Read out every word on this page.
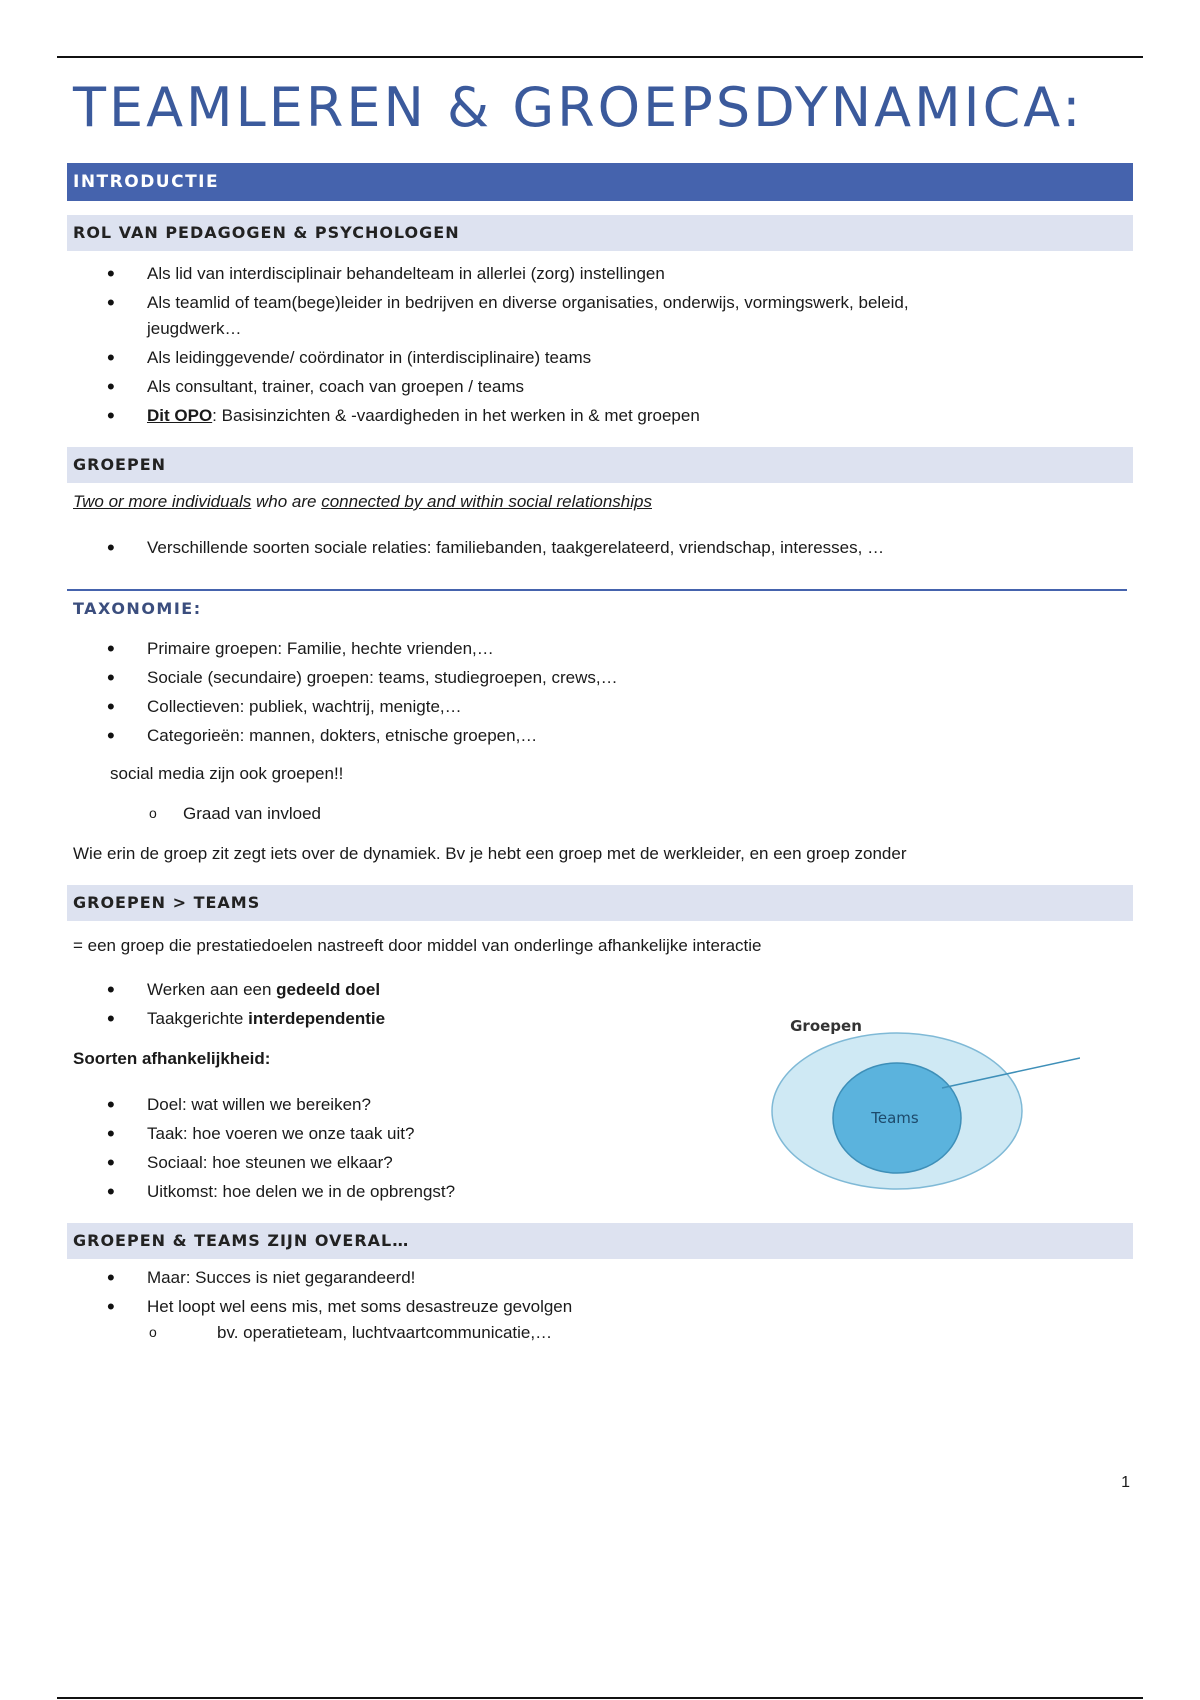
TEAMLEREN & GROEPSDYNAMICA:
INTRODUCTIE
ROL VAN PEDAGOGEN & PSYCHOLOGEN
• Als lid van interdisciplinair behandelteam in allerlei (zorg) instellingen
• Als teamlid of team(bege)leider in bedrijven en diverse organisaties, onderwijs, vormingswerk, beleid, jeugdwerk…
• Als leidinggevende/ coördinator in (interdisciplinaire) teams
• Als consultant, trainer, coach van groepen / teams
• Dit OPO: Basisinzichten & -vaardigheden in het werken in & met groepen
GROEPEN
Two or more individuals who are connected by and within social relationships
• Verschillende soorten sociale relaties: familiebanden, taakgerelateerd, vriendschap, interesses, …
TAXONOMIE:
• Primaire groepen: Familie, hechte vrienden,…
• Sociale (secundaire) groepen: teams, studiegroepen, crews,…
• Collectieven: publiek, wachtrij, menigte,…
• Categorieën: mannen, dokters, etnische groepen,…
social media zijn ook groepen!!
o Graad van invloed
Wie erin de groep zit zegt iets over de dynamiek. Bv je hebt een groep met de werkleider, en een groep zonder
GROEPEN > TEAMS
= een groep die prestatiedoelen nastreeft door middel van onderlinge afhankelijke interactie
• Werken aan een gedeeld doel
• Taakgerichte interdependentie
Soorten afhankelijkheid:
• Doel: wat willen we bereiken?
• Taak: hoe voeren we onze taak uit?
• Sociaal: hoe steunen we elkaar?
• Uitkomst: hoe delen we in de opbrengst?
GROEPEN & TEAMS ZIJN OVERAL…
• Maar: Succes is niet gegarandeerd!
• Het loopt wel eens mis, met soms desastreuze gevolgen
o bv. operatieteam, luchtvaartcommunicatie,…
Groepen
Teams
1
